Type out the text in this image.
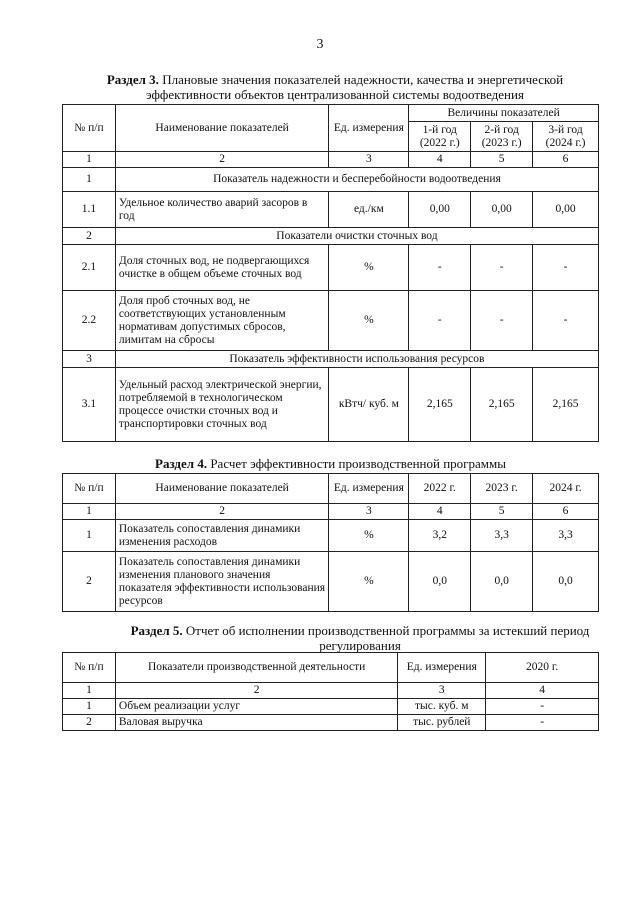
3
Раздел 3. Плановые значения показателей надежности, качества и энергетической
эффективности объектов централизованной системы водоотведения
№ п/п	Наименование показателей	Ед. измерения	Величины показателей		
			1-й год (2022 г.)	2-й год (2023 г.)	3-й год (2024 г.)
1	2	3	4	5	6
1	Показатель надежности и бесперебойности водоотведения				
1.1	Удельное количество аварий засоров в год	ед./км	0,00	0,00	0,00
2	Показатели очистки сточных вод				
2.1	Доля сточных вод, не подвергающихся очистке в общем объеме сточных вод	%	-	-	-
2.2	Доля проб сточных вод, не соответствующих установленным нормативам допустимых сбросов, лимитам на сбросы	%	-	-	-
3	Показатель эффективности использования ресурсов				
3.1	Удельный расход электрической энергии, потребляемой в технологическом процессе очистки сточных вод и транспортировки сточных вод	кВтч/ куб. м	2,165	2,165	2,165
Раздел 4. Расчет эффективности производственной программы
№ п/п	Наименование показателей	Ед. измерения	2022 г.	2023 г.	2024 г.
1	2	3	4	5	6
1	Показатель сопоставления динамики изменения расходов	%	3,2	3,3	3,3
2	Показатель сопоставления динамики изменения планового значения показателя эффективности использования ресурсов	%	0,0	0,0	0,0
Раздел 5. Отчет об исполнении производственной программы за истекший период
регулирования
№ п/п	Показатели производственной деятельности	Ед. измерения	2020 г.
1	2	3	4
1	Объем реализации услуг	тыс. куб. м	-
2	Валовая выручка	тыс. рублей	-
